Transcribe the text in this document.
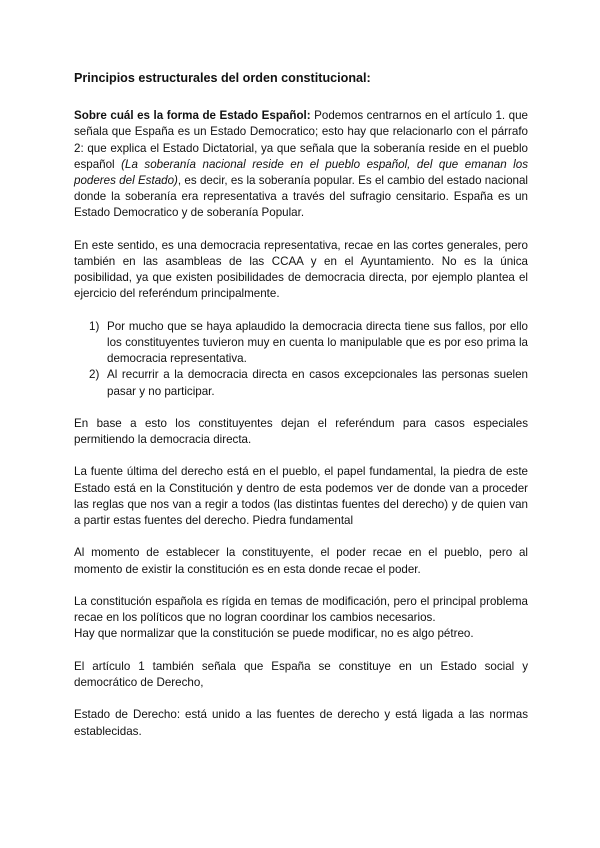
Principios estructurales del orden constitucional:

Sobre cuál es la forma de Estado Español: Podemos centrarnos en el artículo 1. que señala que España es un Estado Democratico; esto hay que relacionarlo con el párrafo 2: que explica el Estado Dictatorial, ya que señala que la soberanía reside en el pueblo español (La soberanía nacional reside en el pueblo español, del que emanan los poderes del Estado), es decir, es la soberanía popular. Es el cambio del estado nacional donde la soberanía era representativa a través del sufragio censitario. España es un Estado Democratico y de soberanía Popular.

En este sentido, es una democracia representativa, recae en las cortes generales, pero también en las asambleas de las CCAA y en el Ayuntamiento. No es la única posibilidad, ya que existen posibilidades de democracia directa, por ejemplo plantea el ejercicio del referéndum principalmente.

1) Por mucho que se haya aplaudido la democracia directa tiene sus fallos, por ello los constituyentes tuvieron muy en cuenta lo manipulable que es por eso prima la democracia representativa.
2) Al recurrir a la democracia directa en casos excepcionales las personas suelen pasar y no participar.

En base a esto los constituyentes dejan el referéndum para casos especiales permitiendo la democracia directa.

La fuente última del derecho está en el pueblo, el papel fundamental, la piedra de este Estado está en la Constitución y dentro de esta podemos ver de donde van a proceder las reglas que nos van a regir a todos (las distintas fuentes del derecho) y de quien van a partir estas fuentes del derecho. Piedra fundamental

Al momento de establecer la constituyente, el poder recae en el pueblo, pero al momento de existir la constitución es en esta donde recae el poder.

La constitución española es rígida en temas de modificación, pero el principal problema recae en los políticos que no logran coordinar los cambios necesarios.
Hay que normalizar que la constitución se puede modificar, no es algo pétreo.

El artículo 1 también señala que España se constituye en un Estado social y democrático de Derecho,

Estado de Derecho: está unido a las fuentes de derecho y está ligada a las normas establecidas.
